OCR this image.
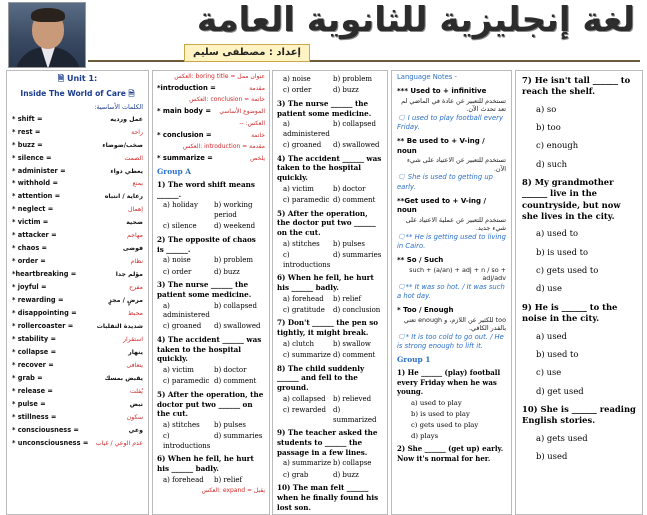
لغة إنجليزية للثانوية العامة
إعداد : مصطفى سليم
🗎 Unit 1:
Inside The World of Care 🗎
الكلمات الأساسية:
* shift =	عمل ورديه
* rest =	راحة
* buzz =	صخب/ضوضاء
* silence =	الصمت
* administer =	يعطي دواء
* withhold =	يمنع
* attention =	رعاية / انتباه
* neglect =	إهمال
* victim =	ضحية
* attacker =	مهاجم
* chaos =	فوضى
* order =	نظام
*heartbreaking =	مؤلم جدا
* joyful =	مفرح
* rewarding =	مرضٍ / مجزٍ
* disappointing =	محبط
* rollercoaster =	شديدة التقلبات
* stability =	استقرار
* collapse =	ينهار
* recover =	يتعافى
* grab =	يقبض بمسك
* release =	يُفلت
* pulse =	نبض
* stillness =	سكون
* consciousness =	وعي
* unconsciousness = عدم الوعي / غياب
عنوان ممل = boring title :العكس
*introduction =	مقدمة
خاتمة = conclusion :العكس
* main body = الموضوع الأساسي
العكس: --
* conclusion =	خاتمة
مقدمة = introduction :العكس
* summarize =	يلخص
Group A
1) The word shift means ______.
a) holiday	b) working period
c) silence	d) weekend
2) The opposite of chaos is ______.
a) noise	b) problem
c) order	d) buzz
3) The nurse ______ the patient some medicine.
a) administered
b) collapsed
c) groaned	d) swallowed
4) The accident ______ was taken to the hospital quickly.
a) victim	b) doctor
c) paramedic d) comment
5) After the operation, the doctor put two ______ on the cut.
a) stitches	b) pulses
c) introductions
d) summaries
6) When he fell, he hurt his ______ badly.
a) forehead	b) relief
يقبل = expand :العكس
a) noise	b) problem
c) order	d) buzz
3) The nurse ______ the patient some medicine.
a) administered
b) collapsed
c) groaned	d) swallowed
4) The accident ______ was taken to the hospital quickly.
a) victim	b) doctor
c) paramedic d) comment
5) After the operation, the doctor put two ______ on the cut.
a) stitches	b) pulses
c) introductions
d) summaries
6) When he fell, he hurt his ______ badly.
a) forehead	b) relief
c) gratitude	d) conclusion
7) Don't ______ the pen so tightly, it might break.
a) clutch	b) swallow
c) summarize d) comment
8) The child suddenly ______ and fell to the ground.
a) collapsed	b) relieved
c) rewarded	d) summarized
9) The teacher asked the students to ______ the passage in a few lines.
a) summarize b) collapse
c) grab	d) buzz
10) The man felt ______ when he finally found his lost son.
Language Notes -
*** Used to + infinitive
تستخدم للتعبير عن عادة في الماضي لم تعد تحدث الآن.
🗨 I used to play football every Friday.
** Be used to + V-ing / noun
تستخدم للتعبير عن الاعتياد على شيء الآن.
🗨 She is used to getting up early.
**Get used to + V-ing / noun
تستخدم للتعبير عن عملية الاعتياد على شيء جديد.
🗨** He is getting used to living in Cairo.
** So / Such
such + (a/an) + adj + n / so + adj/adv
🗨** It was so hot. / It was such a hot day.
* Too / Enough
too للكثير عن اللازم، و enough تعني بالقدر الكافي.
🗨* It is too cold to go out. / He is strong enough to lift it.
Group 1
1) He ______ (play) football every Friday when he was young.
a) used to play
b) is used to play
c) gets used to play
d) plays
2) She ______ (get up) early. Now it's normal for her.
7) He isn't tall ______ to reach the shelf.
a) so
b) too
c) enough
d) such
8) My grandmother ______ live in the countryside, but now she lives in the city.
a) used to
b) is used to
c) gets used to
d) use
9) He is ______ to the noise in the city.
a) used
b) used to
c) use
d) get used
10) She is ______ reading English stories.
a) gets used
b) used
